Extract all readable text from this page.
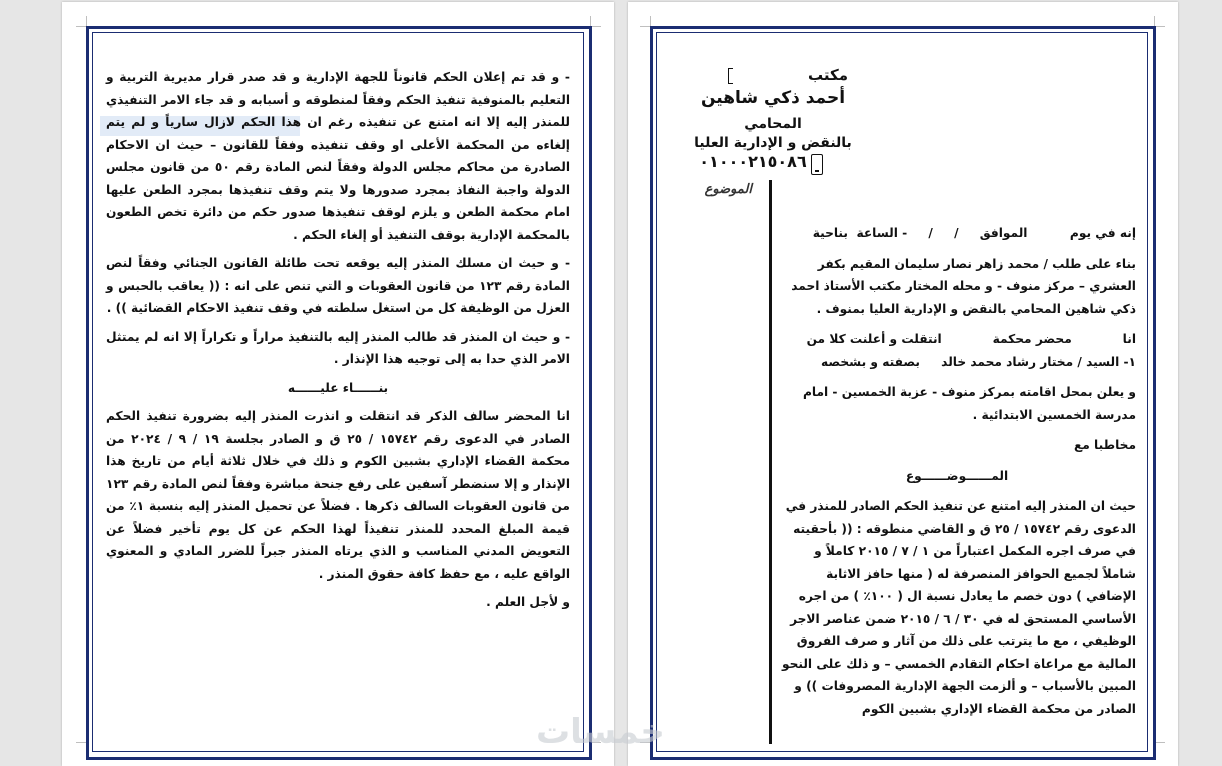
- و قد تم إعلان الحكم قانوناً للجهة الإدارية و قد صدر قرار مديرية التربية و التعليم بالمنوفية تنفيذ الحكم وفقاً لمنطوقه و أسبابه و قد جاء الامر التنفيذي للمنذر إليه إلا انه امتنع عن تنفيذه رغم ان هذا الحكم لازال سارياً و لم يتم إلغاءه من المحكمة الأعلى او وقف تنفيذه وفقاً للقانون – حيث ان الاحكام الصادرة من محاكم مجلس الدولة وفقاً لنص المادة رقم ٥٠ من قانون مجلس الدولة واجبة النفاذ بمجرد صدورها ولا يتم وقف تنفيذها بمجرد الطعن عليها امام محكمة الطعن و يلزم لوقف تنفيذها صدور حكم من دائرة تخص الطعون بالمحكمة الإدارية بوقف التنفيذ أو إلغاء الحكم .

- و حيث ان مسلك المنذر إليه يوقعه تحت طائلة القانون الجنائي وفقاً لنص المادة رقم ١٢٣ من قانون العقوبات و التي تنص على انه : (( يعاقب بالحبس و العزل من الوظيفة كل من استغل سلطته في وقف تنفيذ الاحكام القضائية )) .

- و حيث ان المنذر قد طالب المنذر إليه بالتنفيذ مراراً و تكراراً إلا انه لم يمتثل الامر الذي حدا به إلى توجيه هذا الإنذار .

بنــــــاء عليــــــه

انا المحضر سالف الذكر قد انتقلت و انذرت المنذر إليه بضرورة تنفيذ الحكم الصادر في الدعوى رقم ١٥٧٤٢ / ٢٥ ق و الصادر بجلسة ١٩ / ٩ / ٢٠٢٤ من محكمة القضاء الإداري بشبين الكوم و ذلك في خلال ثلاثة أيام من تاريخ هذا الإنذار و إلا سنضطر آسفين على رفع جنحة مباشرة وفقاً لنص المادة رقم ١٢٣ من قانون العقوبات السالف ذكرها . فضلاً عن تحميل المنذر إليه بنسبة ١٪ من قيمة المبلغ المحدد للمنذر تنفيذاً لهذا الحكم عن كل يوم تأخير فضلاً عن التعويض المدني المناسب و الذي يرتاه المنذر جبراً للضرر المادي و المعنوي الواقع عليه ، مع حفظ كافة حقوق المنذر .

و لأجل العلم .

مكتب
أحمد ذكي شاهين
المحامي
بالنقض و الإدارية العليا
٠١٠٠٠٢١٥٠٨٦
الموضوع

إنه في يوم          الموافق     /     /     - الساعة  بناحية

بناء على طلب / محمد زاهر نصار سليمان المقيم بكفر العشري – مركز منوف - و محله المختار مكتب الأستاذ احمد ذكي شاهين المحامي بالنقض و الإدارية العليا بمنوف .

انا            محضر محكمة            انتقلت و أعلنت كلا من

١- السيد / مختار رشاد محمد خالد     بصفته و بشخصه

و يعلن بمحل اقامته بمركز منوف - عزبة الخمسين - امام مدرسة الخمسين الابتدائية .

مخاطبا مع

المــــــوضــــــوع

حيث ان المنذر إليه امتنع عن تنفيذ الحكم الصادر للمنذر في الدعوى رقم ١٥٧٤٢ / ٢٥ ق و القاضي منطوقه : (( بأحقيته في صرف اجره المكمل اعتباراً من ١ / ٧ / ٢٠١٥ كاملاً و شاملاً لجميع الحوافز المنصرفة له ( منها حافز الاثابة الإضافي ) دون خصم ما يعادل نسبة ال ( ١٠٠٪ ) من اجره الأساسي المستحق له في ٣٠ / ٦ / ٢٠١٥ ضمن عناصر الاجر الوظيفي ، مع ما يترتب على ذلك من آثار و صرف الفروق المالية مع مراعاة احكام التقادم الخمسي – و ذلك على النحو المبين بالأسباب – و ألزمت الجهة الإدارية المصروفات )) و الصادر من محكمة القضاء الإداري بشبين الكوم

خمسات
